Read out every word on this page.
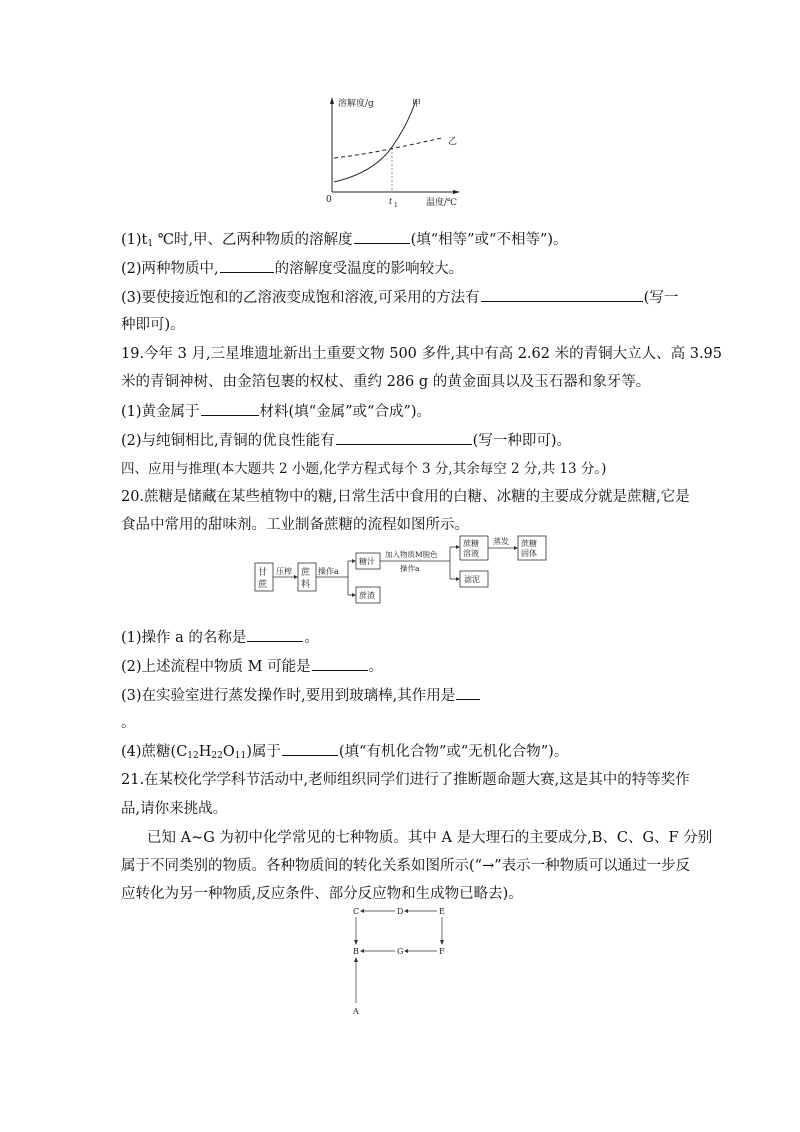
溶解度/g	甲
乙
0	t 1	温度/℃
$(1)t_1$ ℃时,甲、乙两种物质的溶解度	(填“相等”或“不相等”)。
(2)两种物质中,	的溶解度受温度的影响较大。
(3)要使接近饱和的乙溶液变成饱和溶液,可采用的方法有	(写一
种即可)。
19.今年 3 月,三星堆遗址新出土重要文物 500 多件,其中有高 2.62 米的青铜大立人、高 3.95
米的青铜神树、由金箔包裹的权杖、重约 286 g 的黄金面具以及玉石器和象牙等。
(1)黄金属于	材料(填“金属”或“合成”)。
(2)与纯铜相比,青铜的优良性能有	(写一种即可)。
四、应用与推理(本大题共 2 小题,化学方程式每个 3 分,其余每空 2 分,共 13 分。)
20.蔗糖是储藏在某些植物中的糖,日常生活中食用的白糖、冰糖的主要成分就是蔗糖,它是
食品中常用的甜味剂。工业制备蔗糖的流程如图所示。
甘
蔗
压榨 蔗
料
操作a
糖汁
蔗渣
加入物质M脱色
操作a
蔗糖
溶液
滤泥
蒸发 蔗糖
固体
(1)操作 a 的名称是	。
(2)上述流程中物质 M 可能是	。
(3)在实验室进行蒸发操作时,要用到玻璃棒,其作用是
。
(4)蔗糖$(C_{12}H_{22}O_{11})$属于	(填“有机化合物”或“无机化合物”)。
21.在某校化学学科节活动中,老师组织同学们进行了推断题命题大赛,这是其中的特等奖作
品,请你来挑战。
已知 A~G 为初中化学常见的七种物质。其中 A 是大理石的主要成分,B、C、G、F 分别
属于不同类别的物质。各种物质间的转化关系如图所示(“→”表示一种物质可以通过一步反
应转化为另一种物质,反应条件、部分反应物和生成物已略去)。
C	D	E
B	G	F
A
